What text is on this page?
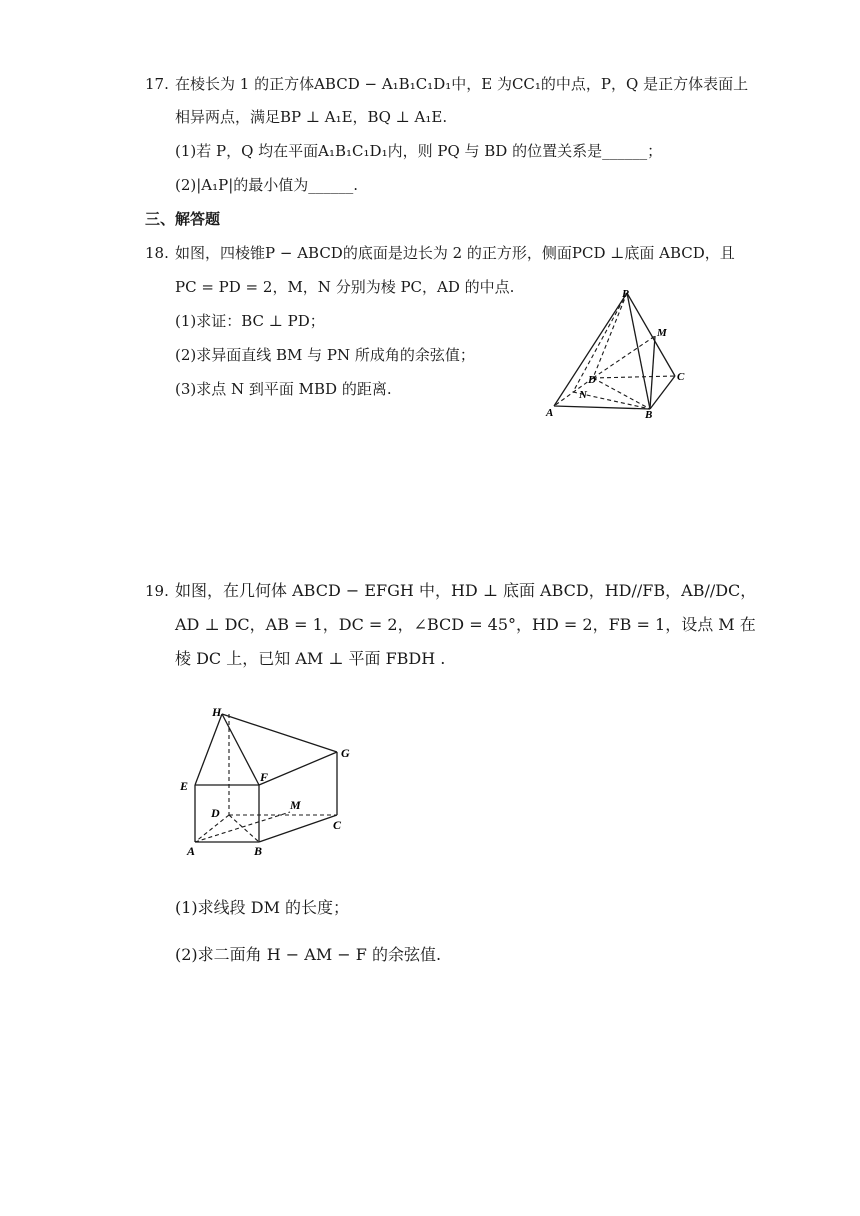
17. 在棱长为 1 的正方体ABCD − A₁B₁C₁D₁中，E 为CC₁的中点，P，Q 是正方体表面上
相异两点，满足BP ⊥ A₁E，BQ ⊥ A₁E.
(1)若 P，Q 均在平面A₁B₁C₁D₁内，则 PQ 与 BD 的位置关系是______；
(2)|A₁P|的最小值为______.
三、解答题
18. 如图，四棱锥P − ABCD的底面是边长为 2 的正方形，侧面PCD ⊥底面 ABCD，且
PC = PD = 2，M，N 分别为棱 PC，AD 的中点.
(1)求证：BC ⊥ PD；
(2)求异面直线 BM 与 PN 所成角的余弦值；
(3)求点 N 到平面 MBD 的距离.
P
M
C
D
N
A	B
19. 如图，在几何体 ABCD − EFGH 中，HD ⊥ 底面 ABCD，HD//FB，AB//DC，
AD ⊥ DC，AB = 1，DC = 2，∠BCD = 45°，HD = 2，FB = 1，设点 M 在
棱 DC 上，已知 AM ⊥ 平面 FBDH .
H
G
E
F
D
M
C
A	B
(1)求线段 DM 的长度；
(2)求二面角 H − AM − F 的余弦值.
